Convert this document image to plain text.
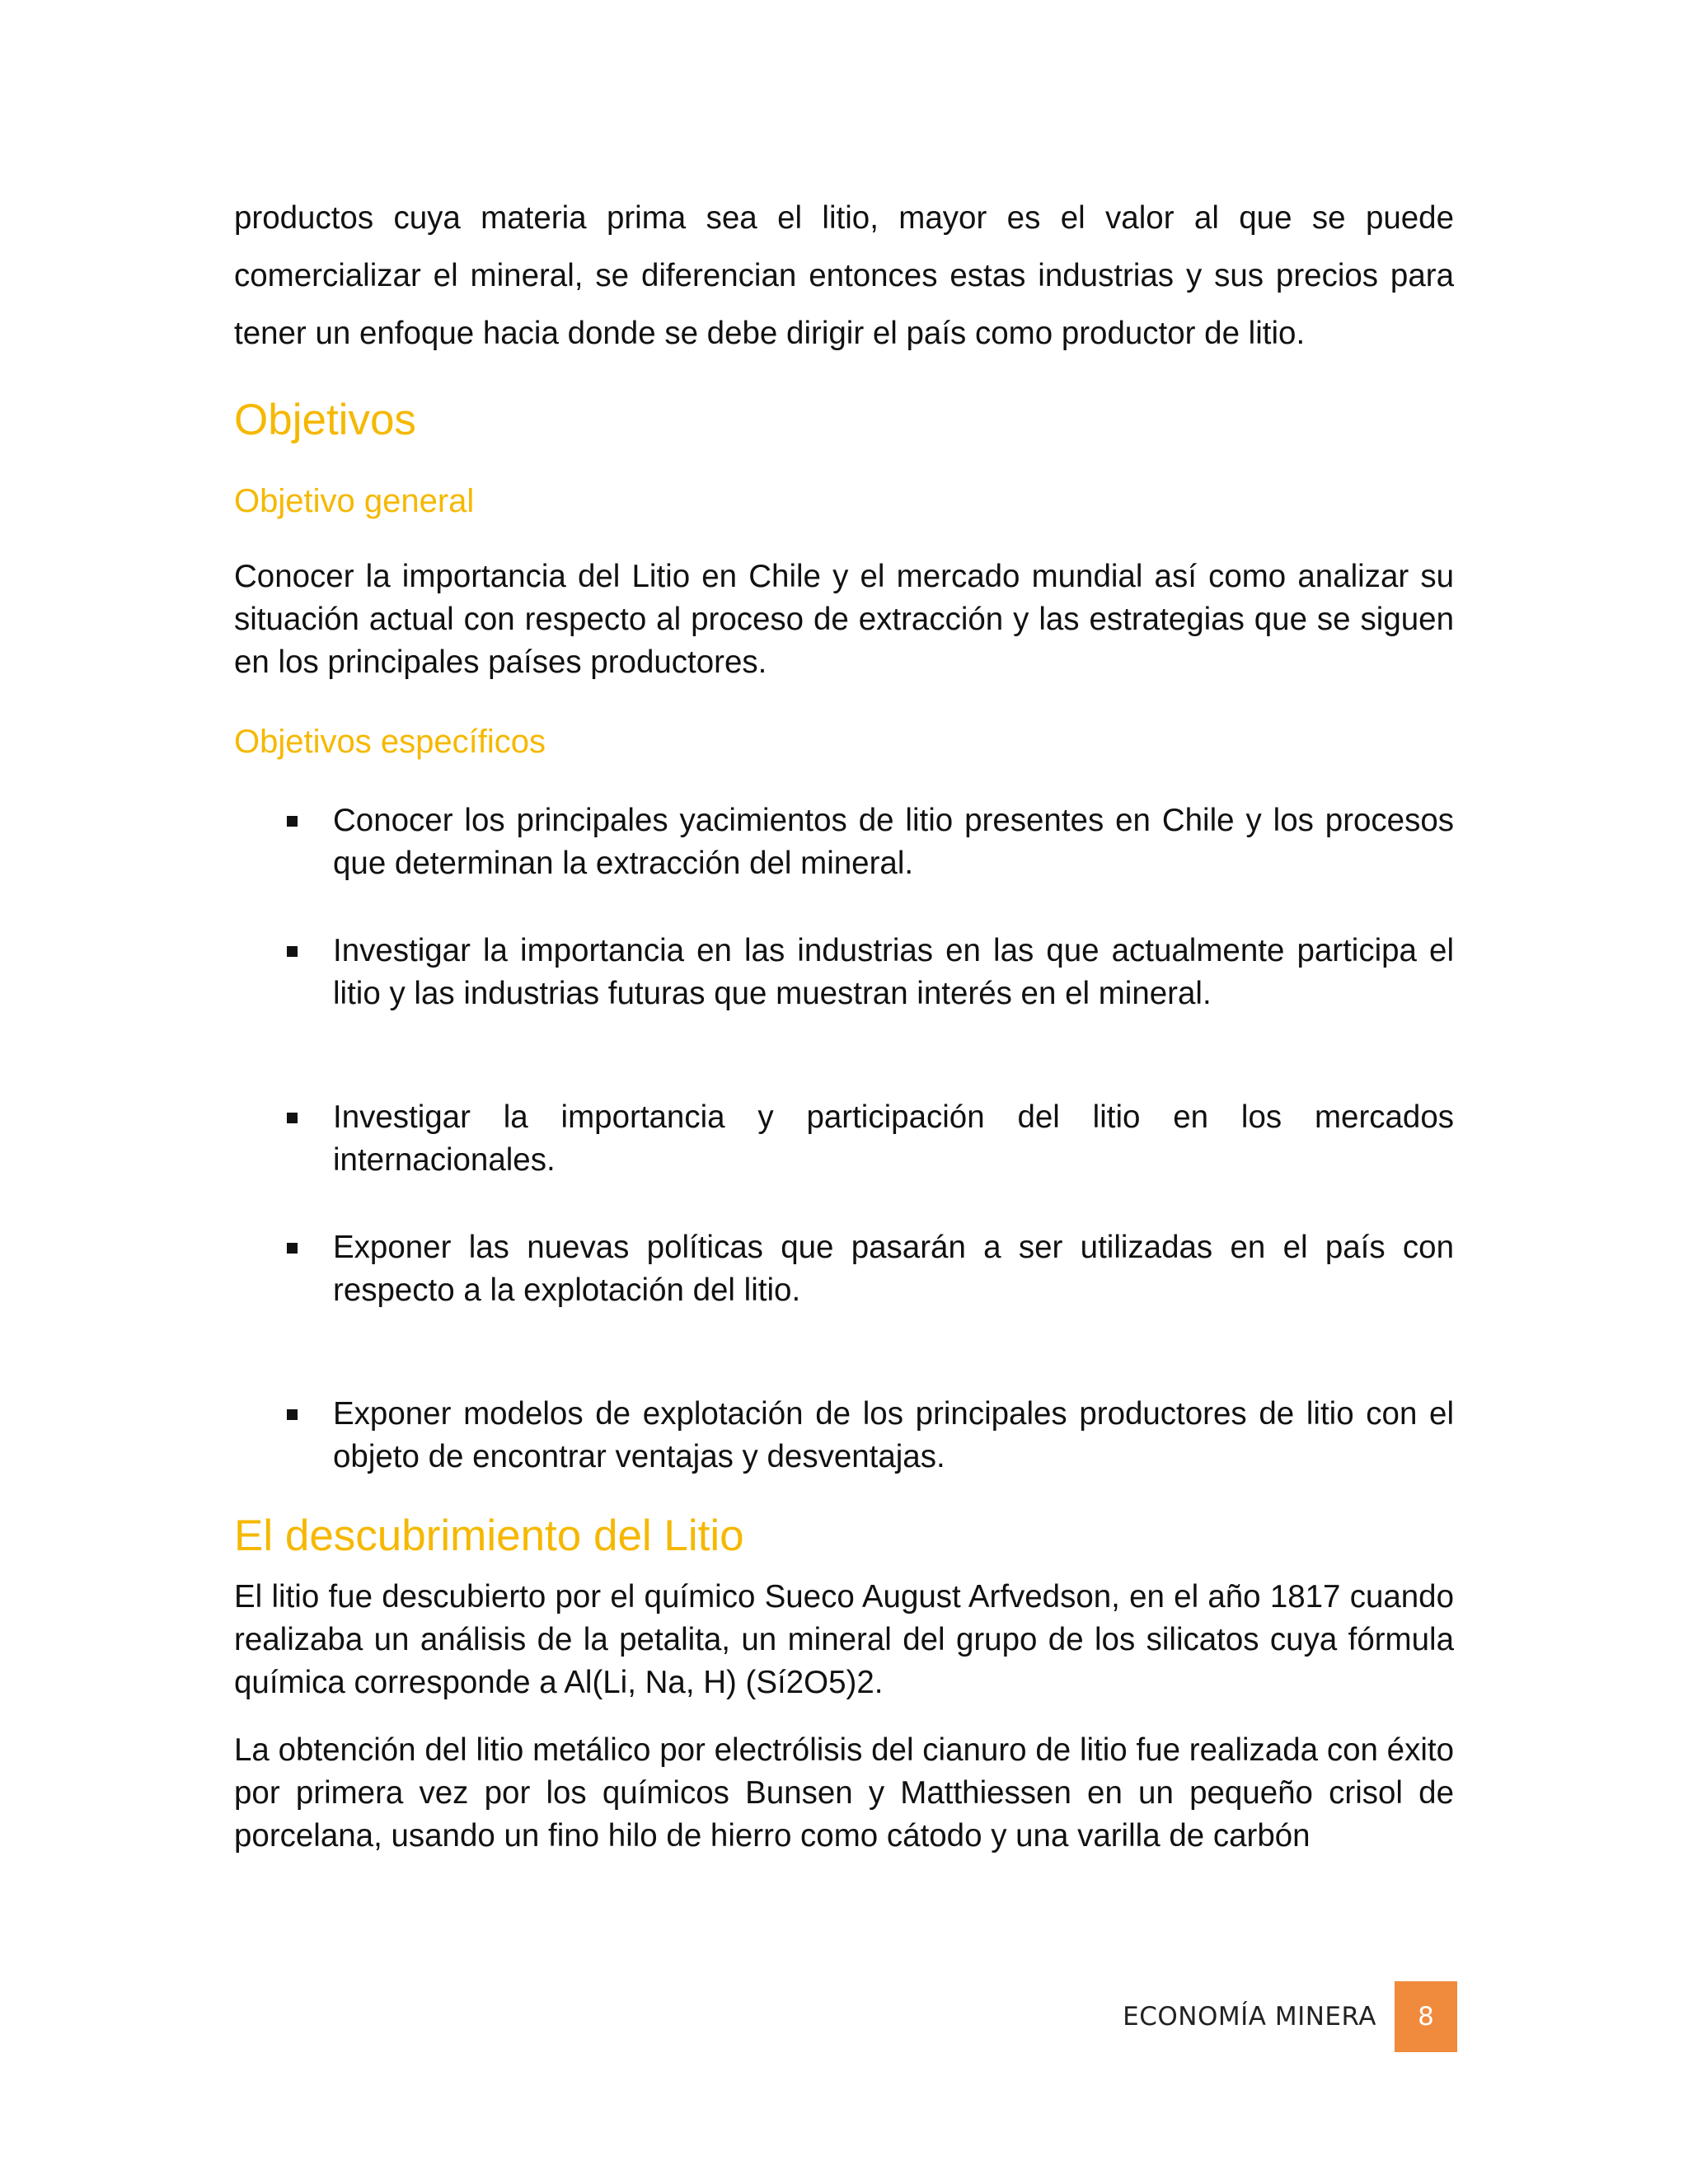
productos cuya materia prima sea el litio, mayor es el valor al que se puede comercializar el mineral, se diferencian entonces estas industrias y sus precios para tener un enfoque hacia donde se debe dirigir el país como productor de litio.

Objetivos
Objetivo general

Conocer la importancia del Litio en Chile y el mercado mundial así como analizar su situación actual con respecto al proceso de extracción y las estrategias que se siguen en los principales países productores.

Objetivos específicos
Conocer los principales yacimientos de litio presentes en Chile y los procesos que determinan la extracción del mineral.
Investigar la importancia en las industrias en las que actualmente participa el litio y las industrias futuras que muestran interés en el mineral.
Investigar la importancia y participación del litio en los mercados internacionales.
Exponer las nuevas políticas que pasarán a ser utilizadas en el país con respecto a la explotación del litio.
Exponer modelos de explotación de los principales productores de litio con el objeto de encontrar ventajas y desventajas.
El descubrimiento del Litio

El litio fue descubierto por el químico Sueco August Arfvedson, en el año 1817 cuando realizaba un análisis de la petalita, un mineral del grupo de los silicatos cuya fórmula química corresponde a Al(Li, Na, H) (Sí2O5)2.

La obtención del litio metálico por electrólisis del cianuro de litio fue realizada con éxito por primera vez por los químicos Bunsen y Matthiessen en un pequeño crisol de porcelana, usando un fino hilo de hierro como cátodo y una varilla de carbón

ECONOMÍA MINERA	8
